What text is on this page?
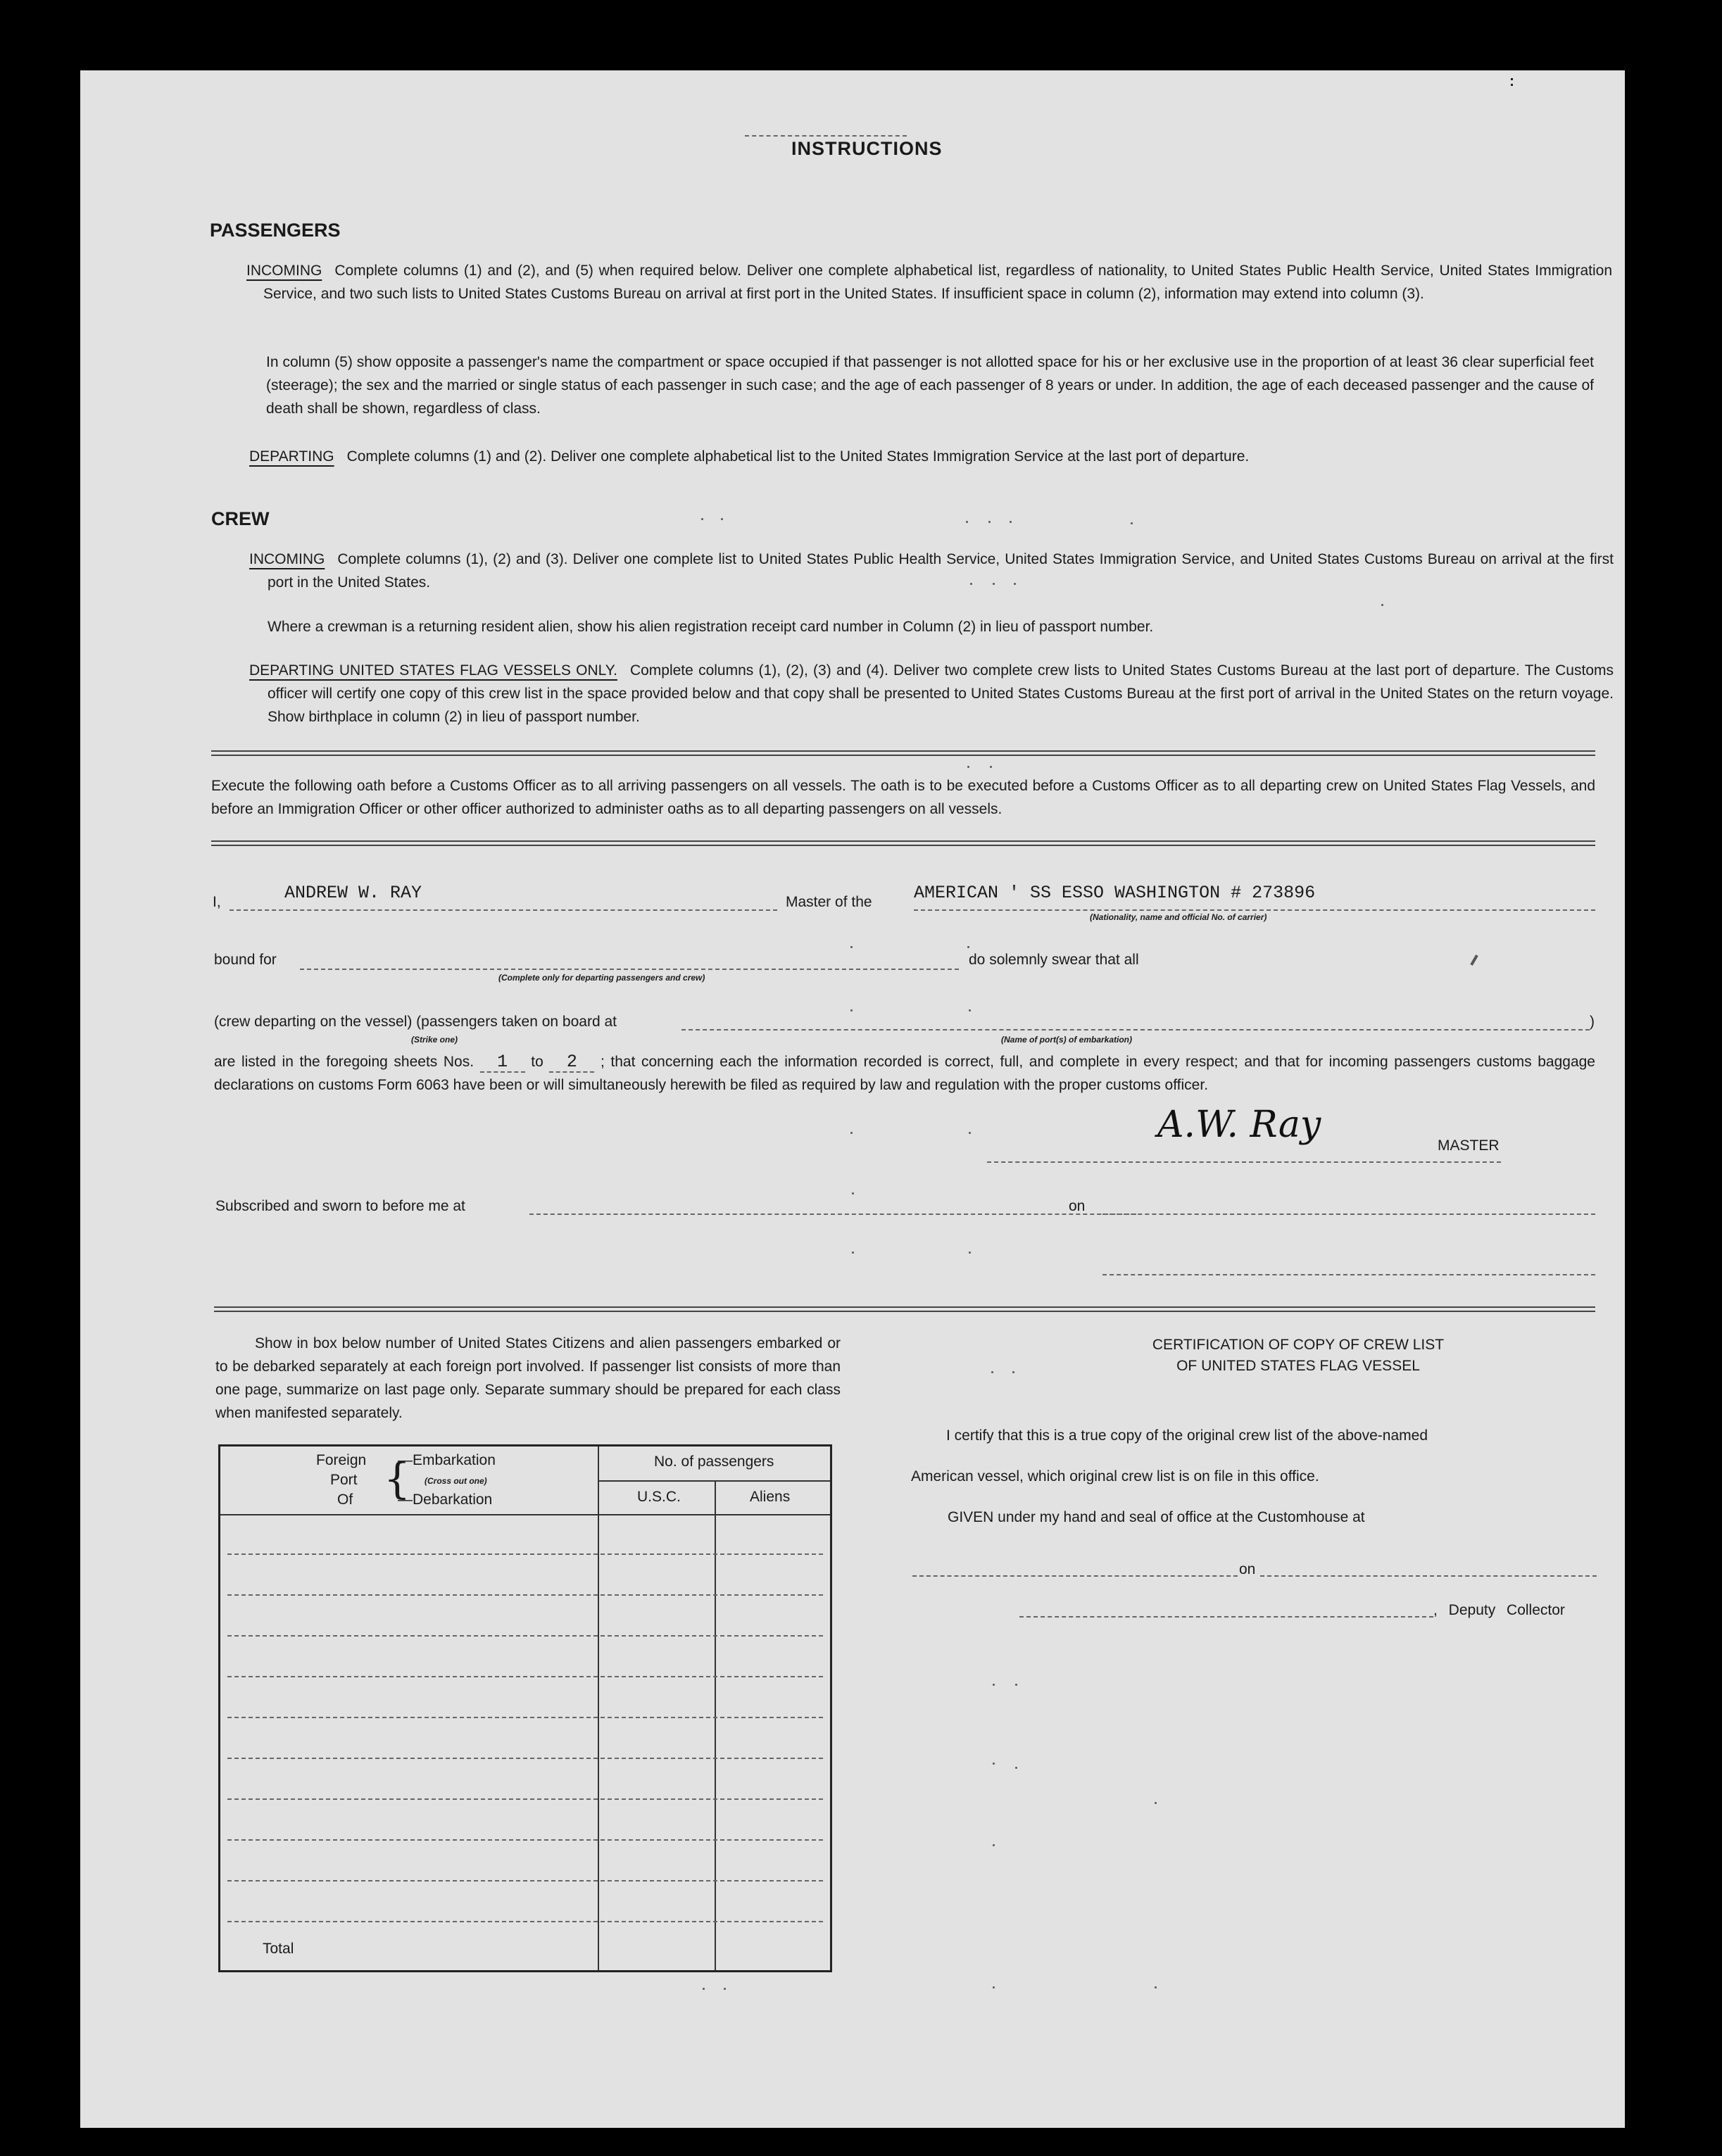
INSTRUCTIONS
:
PASSENGERS
INCOMING Complete columns (1) and (2), and (5) when required below. Deliver one complete alphabetical list, regardless of nationality, to United States Public Health Service, United States Immigration Service, and two such lists to United States Customs Bureau on arrival at first port in the United States. If insufficient space in column (2), information may extend into column (3).
In column (5) show opposite a passenger's name the compartment or space occupied if that passenger is not allotted space for his or her exclusive use in the proportion of at least 36 clear superficial feet (steerage); the sex and the married or single status of each passenger in such case; and the age of each passenger of 8 years or under. In addition, the age of each deceased passenger and the cause of death shall be shown, regardless of class.
DEPARTING Complete columns (1) and (2). Deliver one complete alphabetical list to the United States Immigration Service at the last port of departure.
CREW
INCOMING Complete columns (1), (2) and (3). Deliver one complete list to United States Public Health Service, United States Immigration Service, and United States Customs Bureau on arrival at the first port in the United States.
Where a crewman is a returning resident alien, show his alien registration receipt card number in Column (2) in lieu of passport number.
DEPARTING UNITED STATES FLAG VESSELS ONLY. Complete columns (1), (2), (3) and (4). Deliver two complete crew lists to United States Customs Bureau at the last port of departure. The Customs officer will certify one copy of this crew list in the space provided below and that copy shall be presented to United States Customs Bureau at the first port of arrival in the United States on the return voyage. Show birthplace in column (2) in lieu of passport number.
Execute the following oath before a Customs Officer as to all arriving passengers on all vessels. The oath is to be executed before a Customs Officer as to all departing crew on United States Flag Vessels, and before an Immigration Officer or other officer authorized to administer oaths as to all departing passengers on all vessels.
I,	ANDREW W. RAY	Master of the AMERICAN ' SS ESSO WASHINGTON # 273896
(Nationality, name and official No. of carrier)
bound for
(Complete only for departing passengers and crew)
do solemnly swear that all
(crew departing on the vessel) (passengers taken on board at	)
(Strike one)	(Name of port(s) of embarkation)
are listed in the foregoing sheets Nos. 1 to 2 ; that concerning each the information recorded is correct, full, and complete in every respect; and that for incoming passengers customs baggage declarations on customs Form 6063 have been or will simultaneously herewith be filed as required by law and regulation with the proper customs officer.
A.W. Ray	MASTER
Subscribed and sworn to before me at	on
Show in box below number of United States Citizens and alien passengers embarked or to be debarked separately at each foreign port involved. If passenger list consists of more than one page, summarize on last page only. Separate summary should be prepared for each class when manifested separately.
Foreign
Port
Of {
—Embarkation
(Cross out one)
—Debarkation
No. of passengers
U.S.C.	Aliens
Total
CERTIFICATION OF COPY OF CREW LIST
OF UNITED STATES FLAG VESSEL
I certify that this is a true copy of the original crew list of the above-named
American vessel, which original crew list is on file in this office.
GIVEN under my hand and seal of office at the Customhouse at
on
, Deputy Collector
